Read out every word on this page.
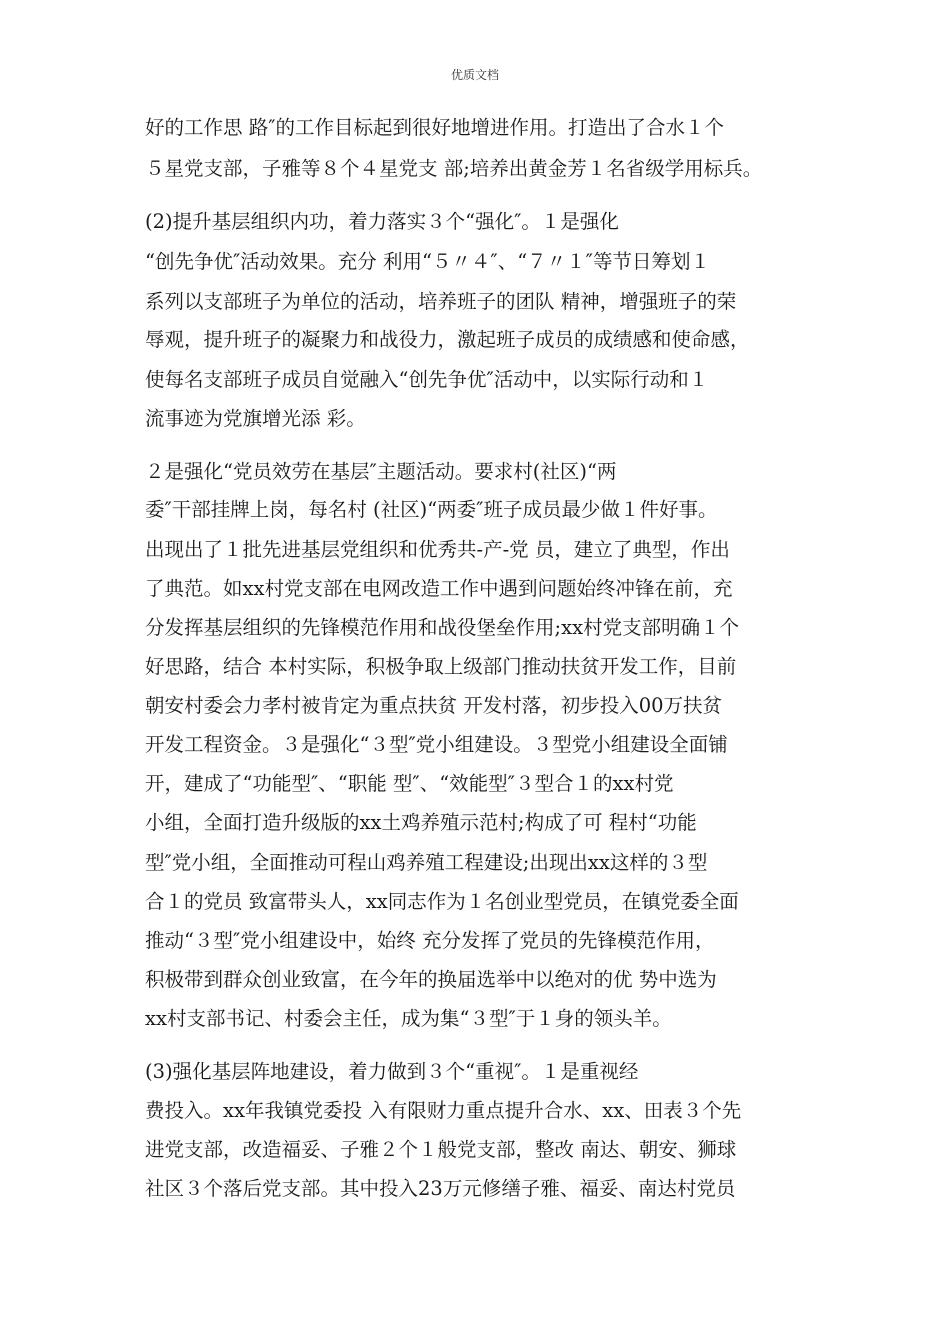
优质文档
好的工作思 路″的工作目标起到很好地增进作用。打造出了合水１个
５星党支部，子雅等８个４星党支 部;培养出黄金芳１名省级学用标兵。
(2)提升基层组织内功，着力落实３个“强化″。１是强化
“创先争优″活动效果。充分 利用“５〃４″、“７〃１″等节日筹划１
系列以支部班子为单位的活动，培养班子的团队 精神，增强班子的荣
辱观，提升班子的凝聚力和战役力，激起班子成员的成绩感和使命感，
使每名支部班子成员自觉融入“创先争优″活动中，以实际行动和１
流事迹为党旗增光添 彩。
２是强化“党员效劳在基层″主题活动。要求村(社区)“两
委″干部挂牌上岗，每名村 (社区)“两委″班子成员最少做１件好事。
出现出了１批先进基层党组织和优秀共-产-党 员，建立了典型，作出
了典范。如xx村党支部在电网改造工作中遇到问题始终冲锋在前，充
分发挥基层组织的先锋模范作用和战役堡垒作用;xx村党支部明确１个
好思路，结合 本村实际，积极争取上级部门推动扶贫开发工作，目前
朝安村委会力孝村被肯定为重点扶贫 开发村落，初步投入00万扶贫
开发工程资金。３是强化“３型″党小组建设。３型党小组建设全面铺
开，建成了“功能型″、“职能 型″、“效能型″３型合１的xx村党
小组，全面打造升级版的xx土鸡养殖示范村;构成了可 程村“功能
型″党小组，全面推动可程山鸡养殖工程建设;出现出xx这样的３型
合１的党员 致富带头人，xx同志作为１名创业型党员，在镇党委全面
推动“３型″党小组建设中，始终 充分发挥了党员的先锋模范作用，
积极带到群众创业致富，在今年的换届选举中以绝对的优 势中选为
xx村支部书记、村委会主任，成为集“３型″于１身的领头羊。
(3)强化基层阵地建设，着力做到３个“重视″。１是重视经
费投入。xx年我镇党委投 入有限财力重点提升合水、xx、田表３个先
进党支部，改造福妥、子雅２个１般党支部，整改 南达、朝安、狮球
社区３个落后党支部。其中投入23万元修缮子雅、福妥、南达村党员
